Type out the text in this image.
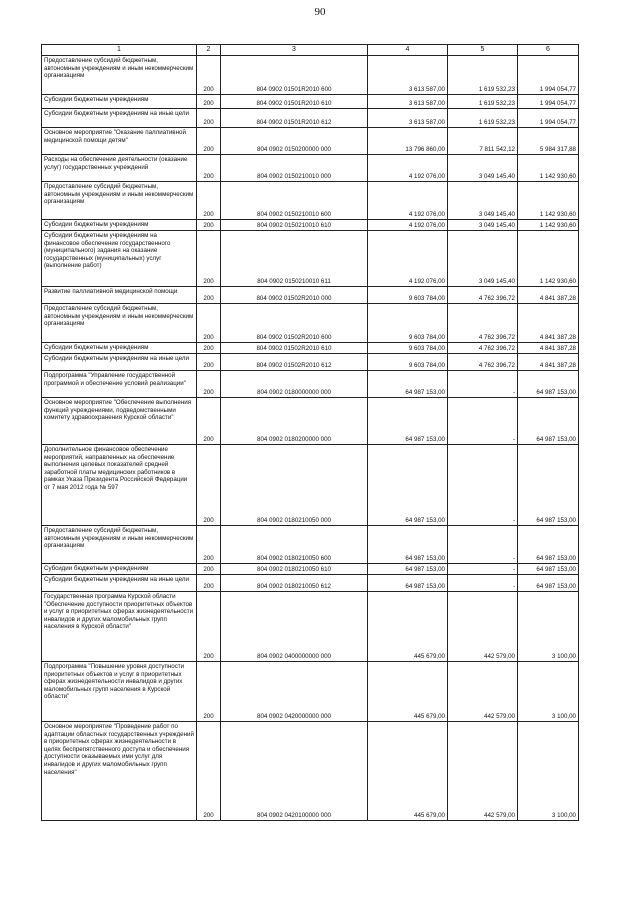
90
1	2	3	4	5	6
Предоставление субсидий бюджетным, автономным учреждениям и иным некоммерческим организациям	200	804 0902 01501R2010 600	3 613 587,00	1 619 532,23	1 994 054,77
Субсидии бюджетным учреждениям	200	804 0902 01501R2010 610	3 613 587,00	1 619 532,23	1 994 054,77
Субсидии бюджетным учреждениям на иные цели	200	804 0902 01501R2010 612	3 613 587,00	1 619 532,23	1 994 054,77
Основное мероприятие "Оказание паллиативной медицинской помощи детям"	200	804 0902 0150200000 000	13 796 860,00	7 811 542,12	5 984 317,88
Расходы на обеспечение деятельности (оказание услуг) государственных учреждений	200	804 0902 0150210010 000	4 192 076,00	3 049 145,40	1 142 930,60
Предоставление субсидий бюджетным, автономным учреждениям и иным некоммерческим организациям	200	804 0902 0150210010 600	4 192 076,00	3 049 145,40	1 142 930,60
Субсидии бюджетным учреждениям	200	804 0902 0150210010 610	4 192 076,00	3 049 145,40	1 142 930,60
Субсидии бюджетным учреждениям на финансовое обеспечение государственного (муниципального) задания на оказание государственных (муниципальных) услуг (выполнение работ)	200	804 0902 0150210010 611	4 192 076,00	3 049 145,40	1 142 930,60
Развитие паллиативной медицинской помощи	200	804 0902 01502R2010 000	9 603 784,00	4 762 396,72	4 841 387,28
Предоставление субсидий бюджетным, автономным учреждениям и иным некоммерческим организациям	200	804 0902 01502R2010 600	9 603 784,00	4 762 396,72	4 841 387,28
Субсидии бюджетным учреждениям	200	804 0902 01502R2010 610	9 603 784,00	4 762 396,72	4 841 387,28
Субсидии бюджетным учреждениям на иные цели	200	804 0902 01502R2010 612	9 603 784,00	4 762 396,72	4 841 387,28
Подпрограмма "Управление государственной программой и обеспечение условий реализации"	200	804 0902 0180000000 000	64 987 153,00	-	64 987 153,00
Основное мероприятие "Обеспечение выполнения функций учреждениями, подведомственными комитету здравоохранения Курской области"	200	804 0902 0180200000 000	64 987 153,00	-	64 987 153,00
Дополнительное финансовое обеспечение мероприятий, направленных на обеспечение выполнения целевых показателей средней заработной платы медицинских работников в рамках Указа Президента Российской Федерации от 7 мая 2012 года № 597	200	804 0902 0180210050 000	64 987 153,00	-	64 987 153,00
Предоставление субсидий бюджетным, автономным учреждениям и иным некоммерческим организациям	200	804 0902 0180210050 600	64 987 153,00	-	64 987 153,00
Субсидии бюджетным учреждениям	200	804 0902 0180210050 610	64 987 153,00	-	64 987 153,00
Субсидии бюджетным учреждениям на иные цели	200	804 0902 0180210050 612	64 987 153,00	-	64 987 153,00
Государственная программа Курской области "Обеспечение доступности приоритетных объектов и услуг в приоритетных сферах жизнедеятельности инвалидов и других маломобильных групп населения в Курской области"	200	804 0902 0400000000 000	445 679,00	442 579,00	3 100,00
Подпрограмма "Повышение уровня доступности приоритетных объектов и услуг в приоритетных сферах жизнедеятельности инвалидов и других маломобильных групп населения в Курской области"	200	804 0902 0420000000 000	445 679,00	442 579,00	3 100,00
Основное мероприятие "Проведение работ по адаптации областных государственных учреждений в приоритетных сферах жизнедеятельности в целях беспрепятственного доступа и обеспечения доступности оказываемых ими услуг для инвалидов и других маломобильных групп населения"	200	804 0902 0420100000 000	445 679,00	442 579,00	3 100,00
